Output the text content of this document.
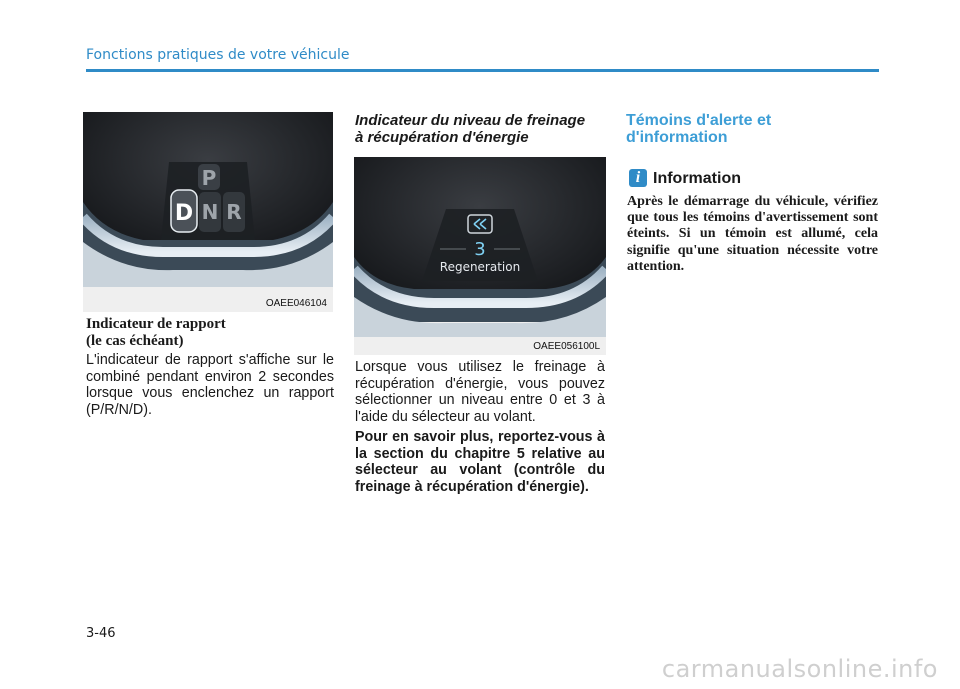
Fonctions pratiques de votre véhicule
P
D N R
OAEE046104

Indicateur de rapport
(le cas échéant)

L'indicateur de rapport s'affiche sur le combiné pendant environ 2 secondes lorsque vous enclenchez un rapport (P/R/N/D).

Indicateur du niveau de freinage
à récupération d'énergie

3
Regeneration
OAEE056100L

Lorsque vous utilisez le freinage à récupération d'énergie, vous pouvez sélectionner un niveau entre 0 et 3 à l'aide du sélecteur au volant.

Pour en savoir plus, reportez-vous à la section du chapitre 5 relative au sélecteur au volant (contrôle du freinage à récupération d'énergie).

Témoins d'alerte et
d'information

i Information

Après le démarrage du véhicule, vérifiez que tous les témoins d'avertissement sont éteints. Si un témoin est allumé, cela signifie qu'une situation nécessite votre attention.

3-46
carmanualsonline.info
